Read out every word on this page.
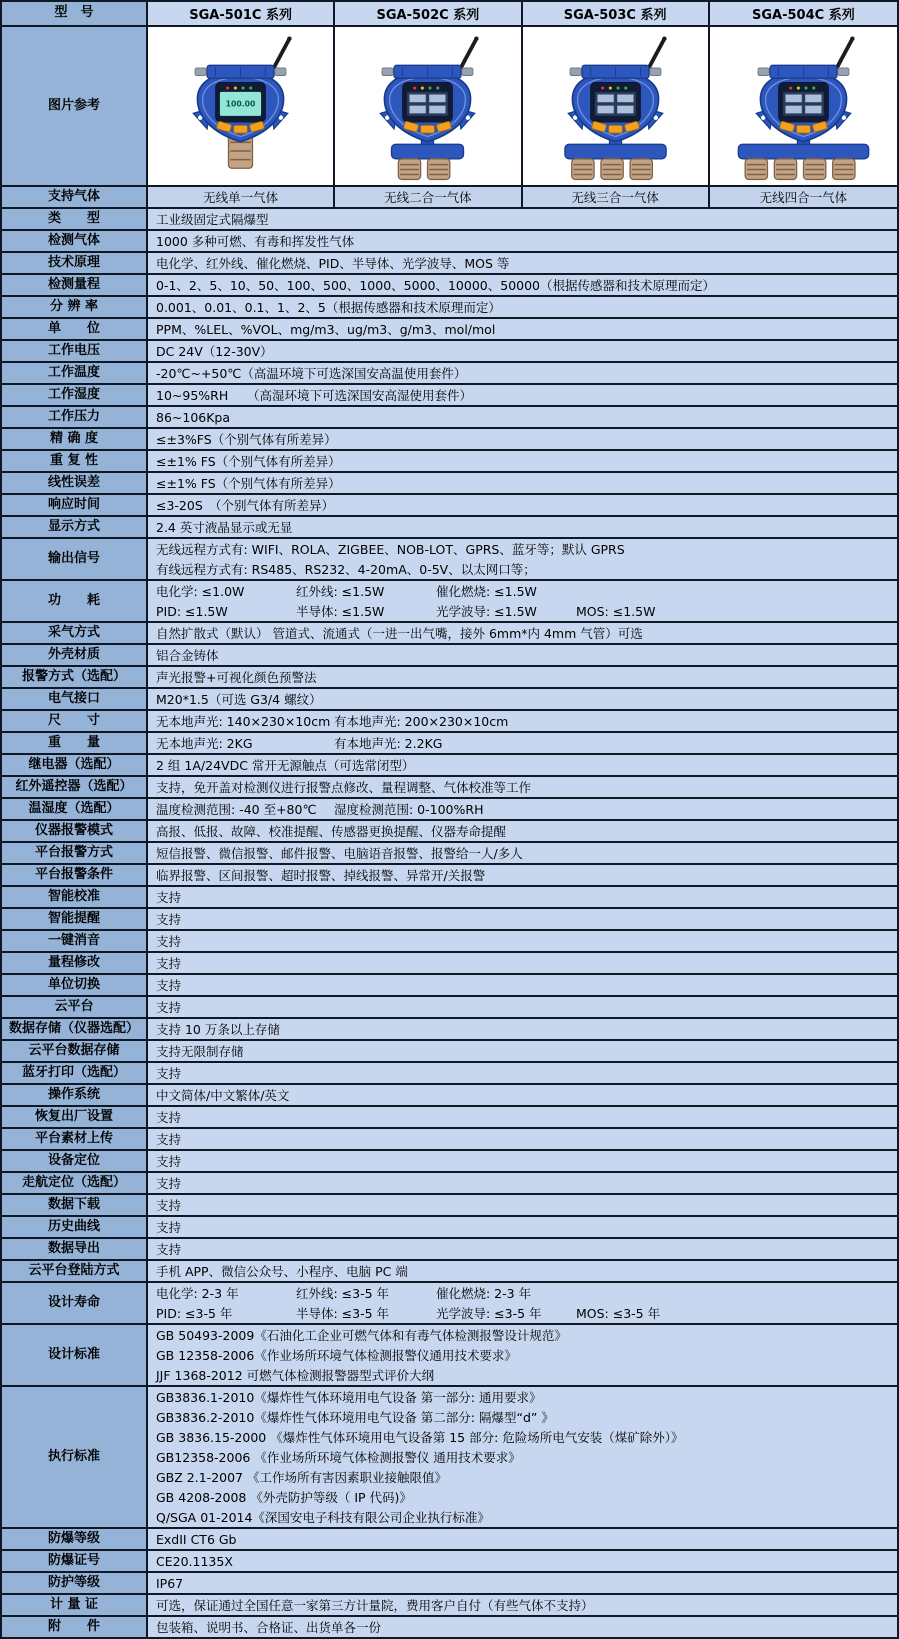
型　号	SGA-501C 系列	SGA-502C 系列	SGA-503C 系列	SGA-504C 系列
图片参考	100.00
支持气体	无线单一气体	无线二合一气体	无线三合一气体	无线四合一气体
类　　型	工业级固定式隔爆型
检测气体	1000 多种可燃、有毒和挥发性气体
技术原理	电化学、红外线、催化燃烧、PID、半导体、光学波导、MOS 等
检测量程	0-1、2、5、10、50、100、500、1000、5000、10000、50000（根据传感器和技术原理而定）
分 辨 率	0.001、0.01、0.1、1、2、5（根据传感器和技术原理而定）
单　　位	PPM、%LEL、%VOL、mg/m3、ug/m3、g/m3、mol/mol
工作电压	DC 24V（12-30V）
工作温度	-20℃~+50℃（高温环境下可选深国安高温使用套件）
工作湿度	10~95%RH　　（高湿环境下可选深国安高湿使用套件）
工作压力	86~106Kpa
精 确 度	≤±3%FS（个别气体有所差异）
重 复 性	≤±1% FS（个别气体有所差异）
线性误差	≤±1% FS（个别气体有所差异）
响应时间	≤3-20S　（个别气体有所差异）
显示方式	2.4 英寸液晶显示或无显
输出信号
无线远程方式有: WIFI、ROLA、ZIGBEE、NOB-LOT、GPRS、蓝牙等；默认 GPRS
有线远程方式有: RS485、RS232、4-20mA、0-5V、以太网口等；
功　　耗
电化学: ≤1.0W	红外线: ≤1.5W	催化燃烧: ≤1.5W
PID: ≤1.5W	半导体: ≤1.5W	光学波导: ≤1.5W	MOS: ≤1.5W
采气方式	自然扩散式（默认） 管道式、流通式（一进一出气嘴，接外 6mm*内 4mm 气管）可选
外壳材质	铝合金铸体
报警方式（选配）	声光报警+可视化颜色预警法
电气接口	M20*1.5（可选 G3/4 螺纹）
尺　　寸	无本地声光: 140×230×10cm 有本地声光: 200×230×10cm
重　　量	无本地声光: 2KG	有本地声光: 2.2KG
继电器（选配）	2 组 1A/24VDC 常开无源触点（可选常闭型）
红外遥控器（选配）	支持，免开盖对检测仪进行报警点修改、量程调整、气体校准等工作
温湿度（选配）	温度检测范围: -40 至+80℃	湿度检测范围: 0-100%RH
仪器报警模式	高报、低报、故障、校准提醒、传感器更换提醒、仪器寿命提醒
平台报警方式	短信报警、微信报警、邮件报警、电脑语音报警、报警给一人/多人
平台报警条件	临界报警、区间报警、超时报警、掉线报警、异常开/关报警
智能校准	支持
智能提醒	支持
一键消音	支持
量程修改	支持
单位切换	支持
云平台	支持
数据存储（仪器选配）	支持 10 万条以上存储
云平台数据存储	支持无限制存储
蓝牙打印（选配）	支持
操作系统	中文简体/中文繁体/英文
恢复出厂设置	支持
平台素材上传	支持
设备定位	支持
走航定位（选配）	支持
数据下载	支持
历史曲线	支持
数据导出	支持
云平台登陆方式	手机 APP、微信公众号、小程序、电脑 PC 端
设计寿命
电化学: 2-3 年	红外线: ≤3-5 年	催化燃烧: 2-3 年
PID: ≤3-5 年	半导体: ≤3-5 年	光学波导: ≤3-5 年	MOS: ≤3-5 年
设计标准
GB 50493-2009《石油化工企业可燃气体和有毒气体检测报警设计规范》
GB 12358-2006《作业场所环境气体检测报警仪通用技术要求》
JJF 1368-2012 可燃气体检测报警器型式评价大纲
执行标准
GB3836.1-2010《爆炸性气体环境用电气设备 第一部分: 通用要求》
GB3836.2-2010《爆炸性气体环境用电气设备 第二部分: 隔爆型“d” 》
GB 3836.15-2000 《爆炸性气体环境用电气设备第 15 部分: 危险场所电气安装（煤矿除外）》
GB12358-2006 《作业场所环境气体检测报警仪 通用技术要求》
GBZ 2.1-2007 《工作场所有害因素职业接触限值》
GB 4208-2008 《外壳防护等级（ IP 代码)》
Q/SGA 01-2014《深国安电子科技有限公司企业执行标准》
防爆等级	ExdII CT6 Gb
防爆证号	CE20.1135X
防护等级	IP67
计 量 证	可选，保证通过全国任意一家第三方计量院，费用客户自付（有些气体不支持）
附　　件	包装箱、说明书、合格证、出货单各一份
